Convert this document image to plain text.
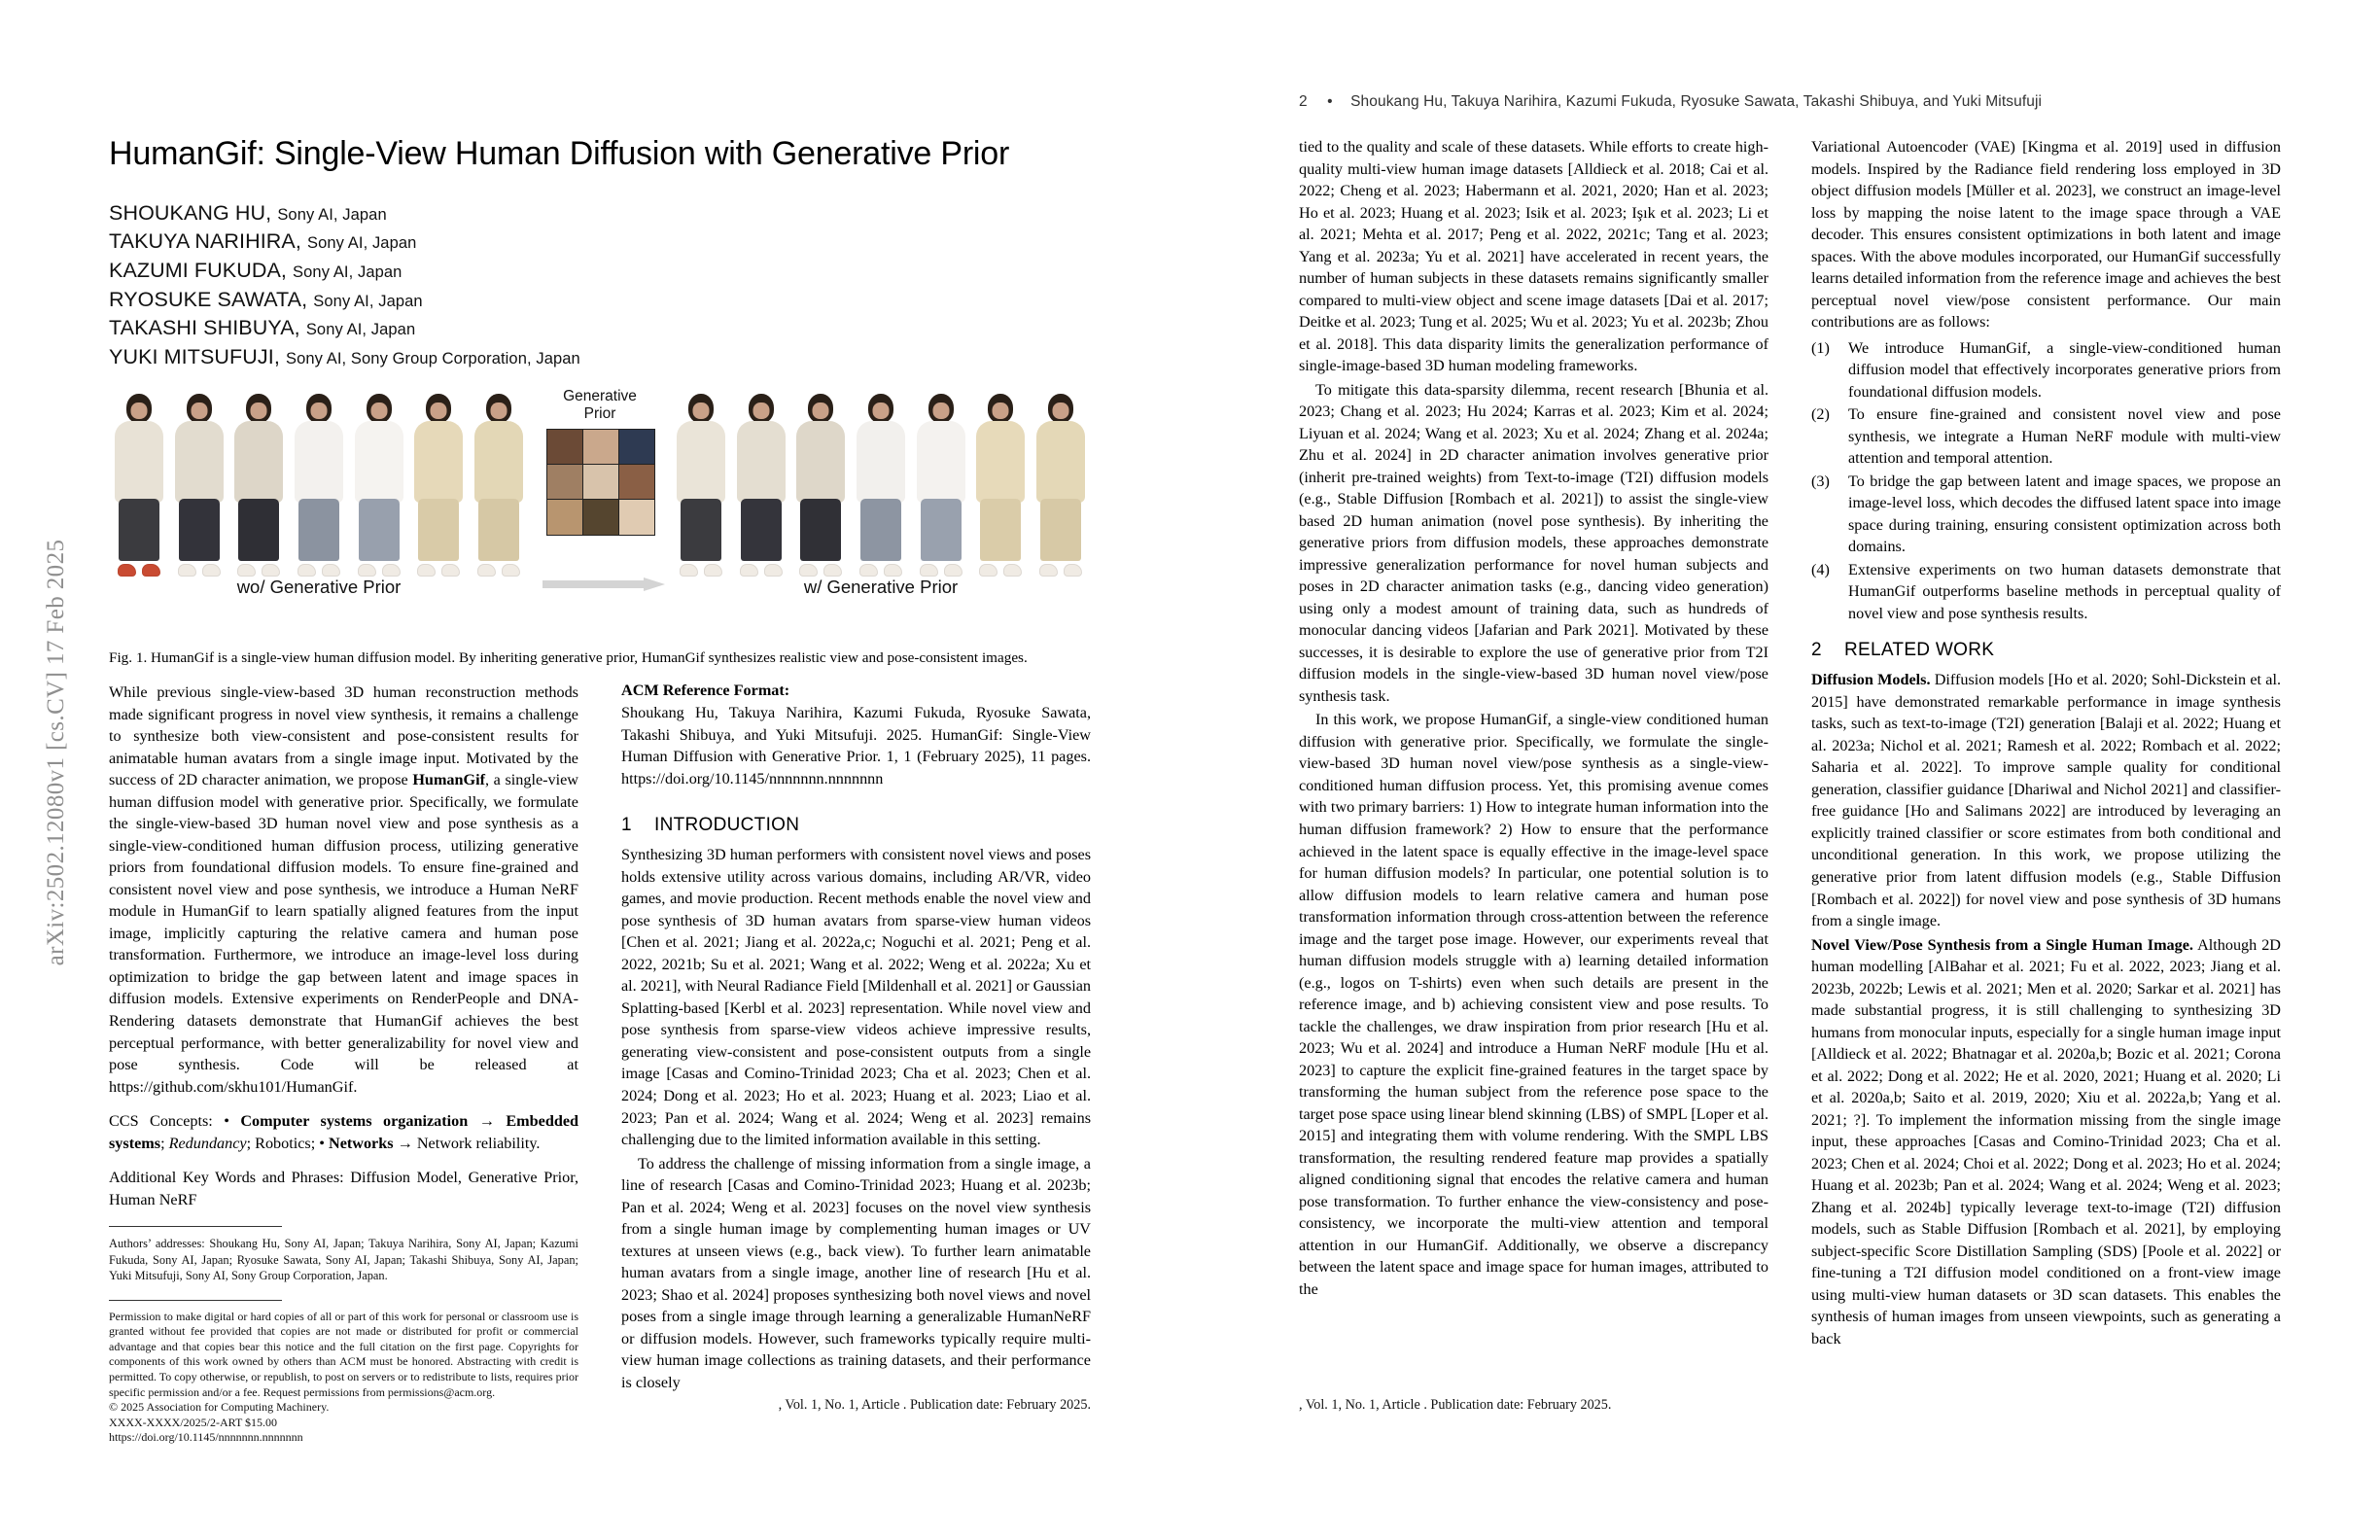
arXiv:2502.12080v1 [cs.CV] 17 Feb 2025
HumanGif: Single-View Human Diffusion with Generative Prior
SHOUKANG HU, Sony AI, Japan
TAKUYA NARIHIRA, Sony AI, Japan
KAZUMI FUKUDA, Sony AI, Japan
RYOSUKE SAWATA, Sony AI, Japan
TAKASHI SHIBUYA, Sony AI, Japan
YUKI MITSUFUJI, Sony AI, Sony Group Corporation, Japan
wo/ Generative Prior
Generative
Prior
w/ Generative Prior
Fig. 1. HumanGif is a single-view human diffusion model. By inheriting generative prior, HumanGif synthesizes realistic view and pose-consistent images.

While previous single-view-based 3D human reconstruction methods made significant progress in novel view synthesis, it remains a challenge to synthesize both view-consistent and pose-consistent results for animatable human avatars from a single image input. Motivated by the success of 2D character animation, we propose HumanGif, a single-view human diffusion model with generative prior. Specifically, we formulate the single-view-based 3D human novel view and pose synthesis as a single-view-conditioned human diffusion process, utilizing generative priors from foundational diffusion models. To ensure fine-grained and consistent novel view and pose synthesis, we introduce a Human NeRF module in HumanGif to learn spatially aligned features from the input image, implicitly capturing the relative camera and human pose transformation. Furthermore, we introduce an image-level loss during optimization to bridge the gap between latent and image spaces in diffusion models. Extensive experiments on RenderPeople and DNA-Rendering datasets demonstrate that HumanGif achieves the best perceptual performance, with better generalizability for novel view and pose synthesis. Code will be released at https://github.com/skhu101/HumanGif.

CCS Concepts: • Computer systems organization → Embedded systems; Redundancy; Robotics; • Networks → Network reliability.

Additional Key Words and Phrases: Diffusion Model, Generative Prior, Human NeRF

Authors’ addresses: Shoukang Hu, Sony AI, Japan; Takuya Narihira, Sony AI, Japan; Kazumi Fukuda, Sony AI, Japan; Ryosuke Sawata, Sony AI, Japan; Takashi Shibuya, Sony AI, Japan; Yuki Mitsufuji, Sony AI, Sony Group Corporation, Japan.

Permission to make digital or hard copies of all or part of this work for personal or classroom use is granted without fee provided that copies are not made or distributed for profit or commercial advantage and that copies bear this notice and the full citation on the first page. Copyrights for components of this work owned by others than ACM must be honored. Abstracting with credit is permitted. To copy otherwise, or republish, to post on servers or to redistribute to lists, requires prior specific permission and/or a fee. Request permissions from permissions@acm.org.

© 2025 Association for Computing Machinery.

XXXX-XXXX/2025/2-ART $15.00

https://doi.org/10.1145/nnnnnnn.nnnnnnn

ACM Reference Format:

Shoukang Hu, Takuya Narihira, Kazumi Fukuda, Ryosuke Sawata, Takashi Shibuya, and Yuki Mitsufuji. 2025. HumanGif: Single-View Human Diffusion with Generative Prior. 1, 1 (February 2025), 11 pages. https://doi.org/10.1145/nnnnnnn.nnnnnnn

1 INTRODUCTION

Synthesizing 3D human performers with consistent novel views and poses holds extensive utility across various domains, including AR/VR, video games, and movie production. Recent methods enable the novel view and pose synthesis of 3D human avatars from sparse-view human videos [Chen et al. 2021; Jiang et al. 2022a,c; Noguchi et al. 2021; Peng et al. 2022, 2021b; Su et al. 2021; Wang et al. 2022; Weng et al. 2022a; Xu et al. 2021], with Neural Radiance Field [Mildenhall et al. 2021] or Gaussian Splatting-based [Kerbl et al. 2023] representation. While novel view and pose synthesis from sparse-view videos achieve impressive results, generating view-consistent and pose-consistent outputs from a single image [Casas and Comino-Trinidad 2023; Cha et al. 2023; Chen et al. 2024; Dong et al. 2023; Ho et al. 2023; Huang et al. 2023; Liao et al. 2023; Pan et al. 2024; Wang et al. 2024; Weng et al. 2023] remains challenging due to the limited information available in this setting.

To address the challenge of missing information from a single image, a line of research [Casas and Comino-Trinidad 2023; Huang et al. 2023b; Pan et al. 2024; Weng et al. 2023] focuses on the novel view synthesis from a single human image by complementing human images or UV textures at unseen views (e.g., back view). To further learn animatable human avatars from a single image, another line of research [Hu et al. 2023; Shao et al. 2024] proposes synthesizing both novel views and novel poses from a single image through learning a generalizable HumanNeRF or diffusion models. However, such frameworks typically require multi-view human image collections as training datasets, and their performance is closely

, Vol. 1, No. 1, Article . Publication date: February 2025.
2 • Shoukang Hu, Takuya Narihira, Kazumi Fukuda, Ryosuke Sawata, Takashi Shibuya, and Yuki Mitsufuji

tied to the quality and scale of these datasets. While efforts to create high-quality multi-view human image datasets [Alldieck et al. 2018; Cai et al. 2022; Cheng et al. 2023; Habermann et al. 2021, 2020; Han et al. 2023; Ho et al. 2023; Huang et al. 2023; Isik et al. 2023; Işık et al. 2023; Li et al. 2021; Mehta et al. 2017; Peng et al. 2022, 2021c; Tang et al. 2023; Yang et al. 2023a; Yu et al. 2021] have accelerated in recent years, the number of human subjects in these datasets remains significantly smaller compared to multi-view object and scene image datasets [Dai et al. 2017; Deitke et al. 2023; Tung et al. 2025; Wu et al. 2023; Yu et al. 2023b; Zhou et al. 2018]. This data disparity limits the generalization performance of single-image-based 3D human modeling frameworks.

To mitigate this data-sparsity dilemma, recent research [Bhunia et al. 2023; Chang et al. 2023; Hu 2024; Karras et al. 2023; Kim et al. 2024; Liyuan et al. 2024; Wang et al. 2023; Xu et al. 2024; Zhang et al. 2024a; Zhu et al. 2024] in 2D character animation involves generative prior (inherit pre-trained weights) from Text-to-image (T2I) diffusion models (e.g., Stable Diffusion [Rombach et al. 2021]) to assist the single-view based 2D human animation (novel pose synthesis). By inheriting the generative priors from diffusion models, these approaches demonstrate impressive generalization performance for novel human subjects and poses in 2D character animation tasks (e.g., dancing video generation) using only a modest amount of training data, such as hundreds of monocular dancing videos [Jafarian and Park 2021]. Motivated by these successes, it is desirable to explore the use of generative prior from T2I diffusion models in the single-view-based 3D human novel view/pose synthesis task.

In this work, we propose HumanGif, a single-view conditioned human diffusion with generative prior. Specifically, we formulate the single-view-based 3D human novel view/pose synthesis as a single-view-conditioned human diffusion process. Yet, this promising avenue comes with two primary barriers: 1) How to integrate human information into the human diffusion framework? 2) How to ensure that the performance achieved in the latent space is equally effective in the image-level space for human diffusion models? In particular, one potential solution is to allow diffusion models to learn relative camera and human pose transformation information through cross-attention between the reference image and the target pose image. However, our experiments reveal that human diffusion models struggle with a) learning detailed information (e.g., logos on T-shirts) even when such details are present in the reference image, and b) achieving consistent view and pose results. To tackle the challenges, we draw inspiration from prior research [Hu et al. 2023; Wu et al. 2024] and introduce a Human NeRF module [Hu et al. 2023] to capture the explicit fine-grained features in the target space by transforming the human subject from the reference pose space to the target pose space using linear blend skinning (LBS) of SMPL [Loper et al. 2015] and integrating them with volume rendering. With the SMPL LBS transformation, the resulting rendered feature map provides a spatially aligned conditioning signal that encodes the relative camera and human pose transformation. To further enhance the view-consistency and pose-consistency, we incorporate the multi-view attention and temporal attention in our HumanGif. Additionally, we observe a discrepancy between the latent space and image space for human images, attributed to the

Variational Autoencoder (VAE) [Kingma et al. 2019] used in diffusion models. Inspired by the Radiance field rendering loss employed in 3D object diffusion models [Müller et al. 2023], we construct an image-level loss by mapping the noise latent to the image space through a VAE decoder. This ensures consistent optimizations in both latent and image spaces. With the above modules incorporated, our HumanGif successfully learns detailed information from the reference image and achieves the best perceptual novel view/pose consistent performance. Our main contributions are as follows:

(1) We introduce HumanGif, a single-view-conditioned human diffusion model that effectively incorporates generative priors from foundational diffusion models.
(2) To ensure fine-grained and consistent novel view and pose synthesis, we integrate a Human NeRF module with multi-view attention and temporal attention.
(3) To bridge the gap between latent and image spaces, we propose an image-level loss, which decodes the diffused latent space into image space during training, ensuring consistent optimization across both domains.
(4) Extensive experiments on two human datasets demonstrate that HumanGif outperforms baseline methods in perceptual quality of novel view and pose synthesis results.
2 RELATED WORK

Diffusion Models. Diffusion models [Ho et al. 2020; Sohl-Dickstein et al. 2015] have demonstrated remarkable performance in image synthesis tasks, such as text-to-image (T2I) generation [Balaji et al. 2022; Huang et al. 2023a; Nichol et al. 2021; Ramesh et al. 2022; Rombach et al. 2022; Saharia et al. 2022]. To improve sample quality for conditional generation, classifier guidance [Dhariwal and Nichol 2021] and classifier-free guidance [Ho and Salimans 2022] are introduced by leveraging an explicitly trained classifier or score estimates from both conditional and unconditional generation. In this work, we propose utilizing the generative prior from latent diffusion models (e.g., Stable Diffusion [Rombach et al. 2022]) for novel view and pose synthesis of 3D humans from a single image.

Novel View/Pose Synthesis from a Single Human Image. Although 2D human modelling [AlBahar et al. 2021; Fu et al. 2022, 2023; Jiang et al. 2023b, 2022b; Lewis et al. 2021; Men et al. 2020; Sarkar et al. 2021] has made substantial progress, it is still challenging to synthesizing 3D humans from monocular inputs, especially for a single human image input [Alldieck et al. 2022; Bhatnagar et al. 2020a,b; Bozic et al. 2021; Corona et al. 2022; Dong et al. 2022; He et al. 2020, 2021; Huang et al. 2020; Li et al. 2020a,b; Saito et al. 2019, 2020; Xiu et al. 2022a,b; Yang et al. 2021; ?]. To implement the information missing from the single image input, these approaches [Casas and Comino-Trinidad 2023; Cha et al. 2023; Chen et al. 2024; Choi et al. 2022; Dong et al. 2023; Ho et al. 2024; Huang et al. 2023b; Pan et al. 2024; Wang et al. 2024; Weng et al. 2023; Zhang et al. 2024b] typically leverage text-to-image (T2I) diffusion models, such as Stable Diffusion [Rombach et al. 2021], by employing subject-specific Score Distillation Sampling (SDS) [Poole et al. 2022] or fine-tuning a T2I diffusion model conditioned on a front-view image using multi-view human datasets or 3D scan datasets. This enables the synthesis of human images from unseen viewpoints, such as generating a back

, Vol. 1, No. 1, Article . Publication date: February 2025.
